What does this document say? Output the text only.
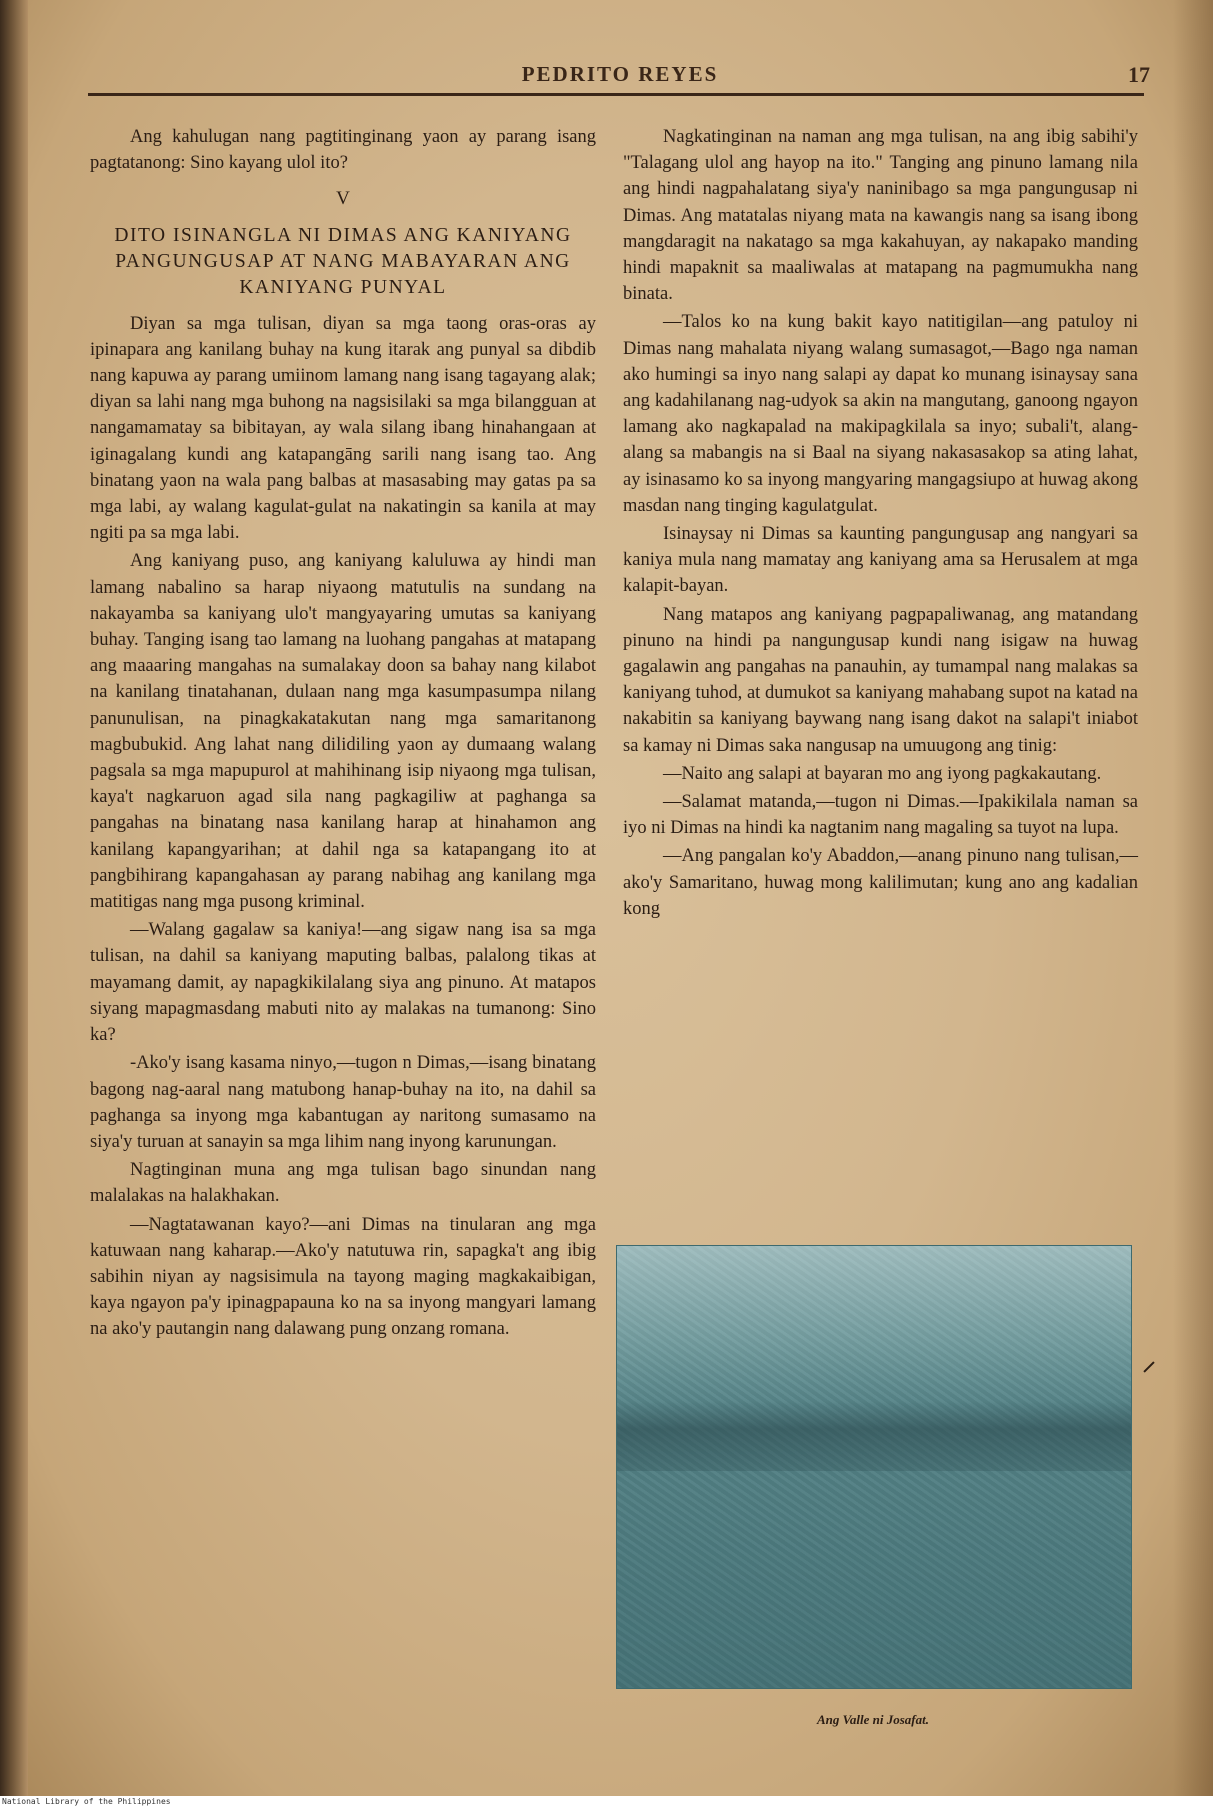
PEDRITO REYES	17

Ang kahulugan nang pagtitinginang yaon ay parang isang pagtatanong: Sino kayang ulol ito?

V
DITO ISINANGLA NI DIMAS ANG KANIYANG PANGUNGUSAP AT NANG MABAYARAN ANG KANIYANG PUNYAL

Diyan sa mga tulisan, diyan sa mga taong oras-oras ay ipinapara ang kanilang buhay na kung itarak ang punyal sa dibdib nang kapuwa ay parang umiinom lamang nang isang tagayang alak; diyan sa lahi nang mga buhong na nagsisilaki sa mga bilangguan at nangamamatay sa bibitayan, ay wala silang ibang hinahangaan at iginagalang kundi ang katapangāng sarili nang isang tao. Ang binatang yaon na wala pang balbas at masasabing may gatas pa sa mga labi, ay walang kagulat-gulat na nakatingin sa kanila at may ngiti pa sa mga labi.

Ang kaniyang puso, ang kaniyang kaluluwa ay hindi man lamang nabalino sa harap niyaong matutulis na sundang na nakayamba sa kaniyang ulo't mangyayaring umutas sa kaniyang buhay. Tanging isang tao lamang na luohang pangahas at matapang ang maaaring mangahas na sumalakay doon sa bahay nang kilabot na kanilang tinatahanan, dulaan nang mga kasumpasumpa nilang panunulisan, na pinagkakatakutan nang mga samaritanong magbubukid. Ang lahat nang dilidiling yaon ay dumaang walang pagsala sa mga mapupurol at mahihinang isip niyaong mga tulisan, kaya't nagkaruon agad sila nang pagkagiliw at paghanga sa pangahas na binatang nasa kanilang harap at hinahamon ang kanilang kapangyarihan; at dahil nga sa katapangang ito at pangbihirang kapangahasan ay parang nabihag ang kanilang mga matitigas nang mga pusong kriminal.

—Walang gagalaw sa kaniya!—ang sigaw nang isa sa mga tulisan, na dahil sa kaniyang maputing balbas, palalong tikas at mayamang damit, ay napagkikilalang siya ang pinuno. At matapos siyang mapagmasdang mabuti nito ay malakas na tumanong: Sino ka?

-Ako'y isang kasama ninyo,—tugon n Dimas,—isang binatang bagong nag-aaral nang matubong hanap-buhay na ito, na dahil sa paghanga sa inyong mga kabantugan ay naritong sumasamo na siya'y turuan at sanayin sa mga lihim nang inyong karunungan.

Nagtinginan muna ang mga tulisan bago sinundan nang malalakas na halakhakan.

—Nagtatawanan kayo?—ani Dimas na tinularan ang mga katuwaan nang kaharap.—Ako'y natutuwa rin, sapagka't ang ibig sabihin niyan ay nagsisimula na tayong maging magkakaibigan, kaya ngayon pa'y ipinagpapauna ko na sa inyong mangyari lamang na ako'y pautangin nang dalawang pung onzang romana.

Nagkatinginan na naman ang mga tulisan, na ang ibig sabihi'y "Talagang ulol ang hayop na ito." Tanging ang pinuno lamang nila ang hindi nagpahalatang siya'y naninibago sa mga pangungusap ni Dimas. Ang matatalas niyang mata na kawangis nang sa isang ibong mangdaragit na nakatago sa mga kakahuyan, ay nakapako manding hindi mapaknit sa maaliwalas at matapang na pagmumukha nang binata.

—Talos ko na kung bakit kayo natitigilan—ang patuloy ni Dimas nang mahalata niyang walang sumasagot,—Bago nga naman ako humingi sa inyo nang salapi ay dapat ko munang isinaysay sana ang kadahilanang nag-udyok sa akin na mangutang, ganoong ngayon lamang ako nagkapalad na makipagkilala sa inyo; subali't, alang-alang sa mabangis na si Baal na siyang nakasasakop sa ating lahat, ay isinasamo ko sa inyong mangyaring mangagsiupo at huwag akong masdan nang tinging kagulatgulat.

Isinaysay ni Dimas sa kaunting pangungusap ang nangyari sa kaniya mula nang mamatay ang kaniyang ama sa Herusalem at mga kalapit-bayan.

Nang matapos ang kaniyang pagpapaliwanag, ang matandang pinuno na hindi pa nangungusap kundi nang isigaw na huwag gagalawin ang pangahas na panauhin, ay tumampal nang malakas sa kaniyang tuhod, at dumukot sa kaniyang mahabang supot na katad na nakabitin sa kaniyang baywang nang isang dakot na salapi't iniabot sa kamay ni Dimas saka nangusap na umuugong ang tinig:

—Naito ang salapi at bayaran mo ang iyong pagkakautang.

—Salamat matanda,—tugon ni Dimas.—Ipakikilala naman sa iyo ni Dimas na hindi ka nagtanim nang magaling sa tuyot na lupa.

—Ang pangalan ko'y Abaddon,—anang pinuno nang tulisan,—ako'y Samaritano, huwag mong kalilimutan; kung ano ang kadalian kong

Ang Valle ni Josafat.
National Library of the Philippines
